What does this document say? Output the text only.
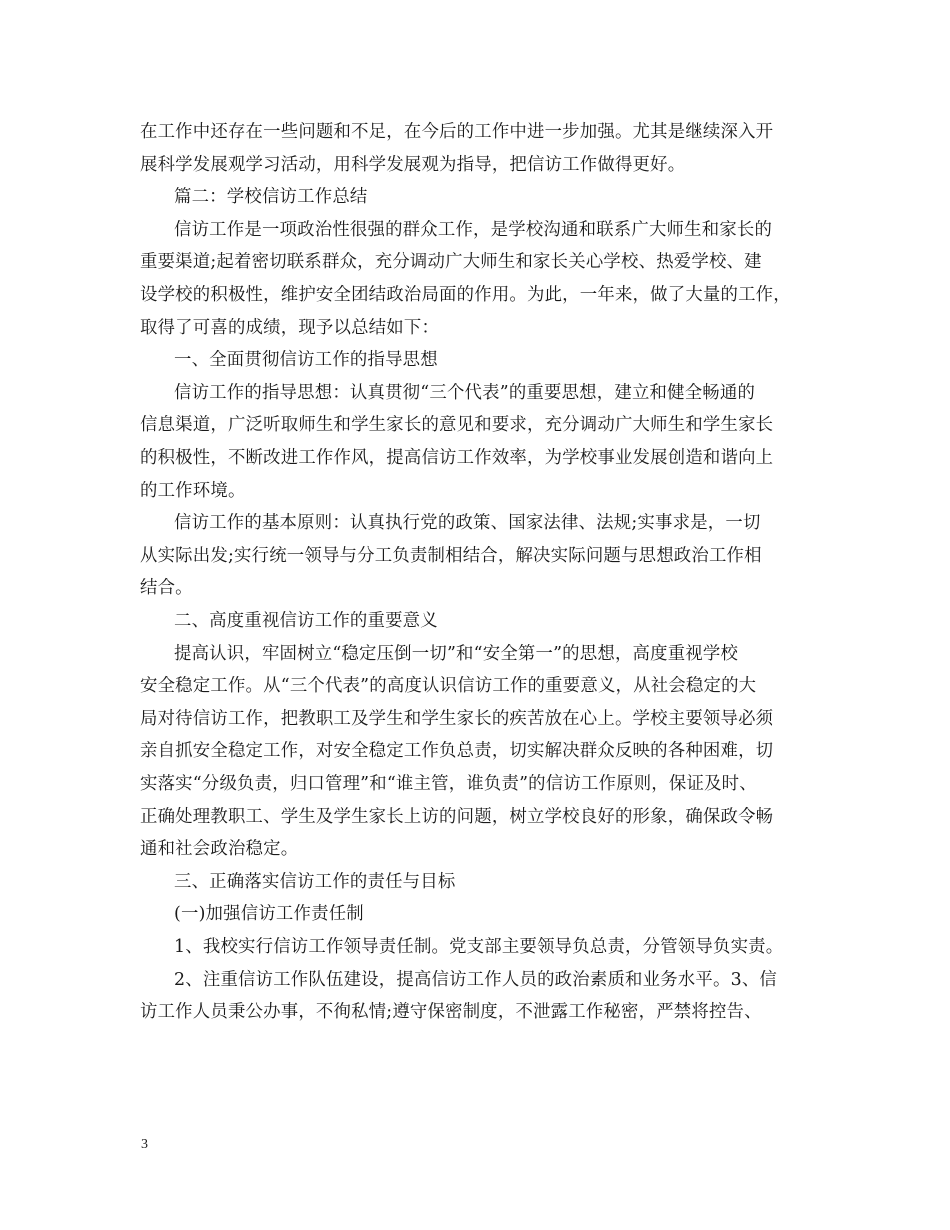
在工作中还存在一些问题和不足，在今后的工作中进一步加强。尤其是继续深入开
展科学发展观学习活动，用科学发展观为指导，把信访工作做得更好。
篇二：学校信访工作总结
信访工作是一项政治性很强的群众工作，是学校沟通和联系广大师生和家长的
重要渠道;起着密切联系群众，充分调动广大师生和家长关心学校、热爱学校、建
设学校的积极性，维护安全团结政治局面的作用。为此，一年来，做了大量的工作，
取得了可喜的成绩，现予以总结如下：
一、全面贯彻信访工作的指导思想
信访工作的指导思想：认真贯彻“三个代表”的重要思想，建立和健全畅通的
信息渠道，广泛听取师生和学生家长的意见和要求，充分调动广大师生和学生家长
的积极性，不断改进工作作风，提高信访工作效率，为学校事业发展创造和谐向上
的工作环境。
信访工作的基本原则：认真执行党的政策、国家法律、法规;实事求是，一切
从实际出发;实行统一领导与分工负责制相结合，解决实际问题与思想政治工作相
结合。
二、高度重视信访工作的重要意义
提高认识，牢固树立“稳定压倒一切”和“安全第一”的思想，高度重视学校
安全稳定工作。从“三个代表”的高度认识信访工作的重要意义，从社会稳定的大
局对待信访工作，把教职工及学生和学生家长的疾苦放在心上。学校主要领导必须
亲自抓安全稳定工作，对安全稳定工作负总责，切实解决群众反映的各种困难，切
实落实“分级负责，归口管理”和“谁主管，谁负责”的信访工作原则，保证及时、
正确处理教职工、学生及学生家长上访的问题，树立学校良好的形象，确保政令畅
通和社会政治稳定。
三、正确落实信访工作的责任与目标
(一)加强信访工作责任制
1、我校实行信访工作领导责任制。党支部主要领导负总责，分管领导负实责。
2、注重信访工作队伍建设，提高信访工作人员的政治素质和业务水平。3、信
访工作人员秉公办事，不徇私情;遵守保密制度，不泄露工作秘密，严禁将控告、
3
